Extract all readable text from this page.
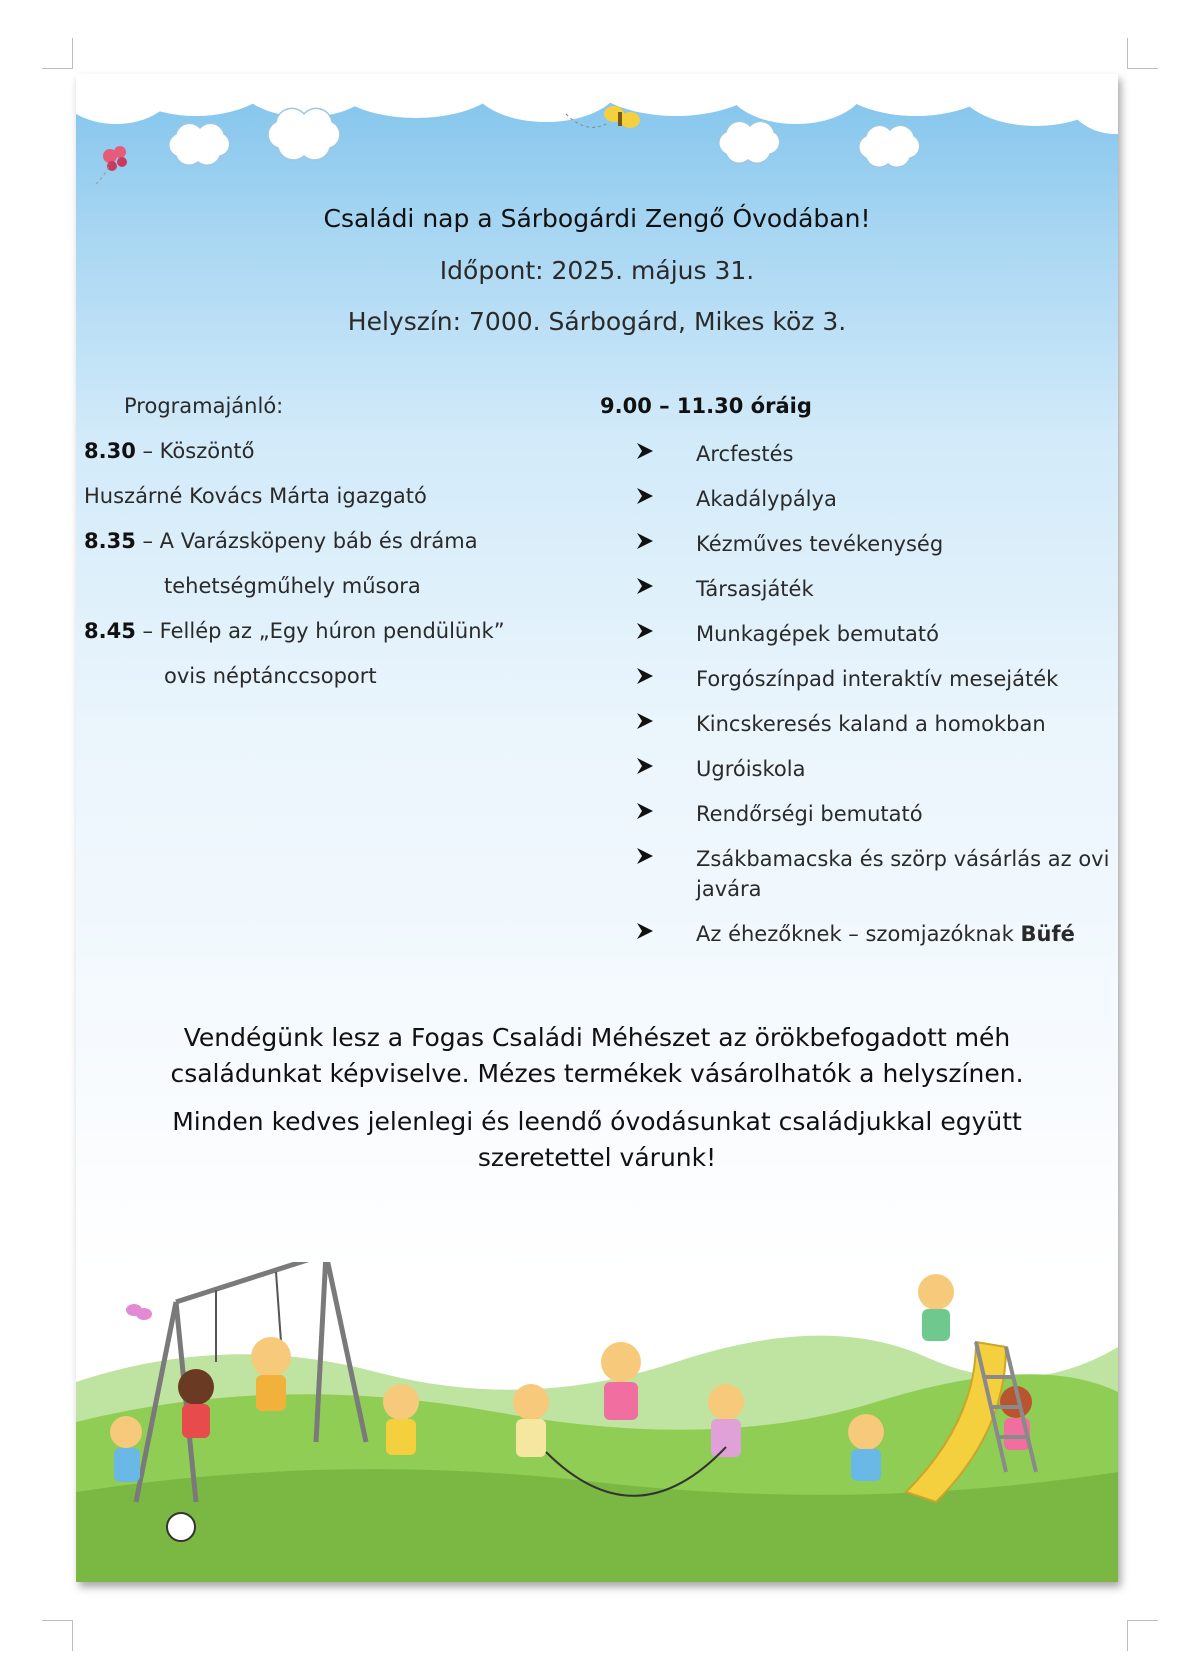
Családi nap a Sárbogárdi Zengő Óvodában!
Időpont: 2025. május 31.
Helyszín: 7000. Sárbogárd, Mikes köz 3.
Programajánló:
8.30 – Köszöntő
Huszárné Kovács Márta igazgató
8.35 – A Varázsköpeny báb és dráma
tehetségműhely műsora
8.45 – Fellép az „Egy húron pendülünk”
ovis néptánccsoport
9.00 – 11.30 óráig
Arcfestés
Akadálypálya
Kézműves tevékenység
Társasjáték
Munkagépek bemutató
Forgószínpad interaktív mesejáték
Kincskeresés kaland a homokban
Ugróiskola
Rendőrségi bemutató
Zsákbamacska és szörp vásárlás az ovi javára
Az éhezőknek – szomjazóknak Büfé
Vendégünk lesz a Fogas Családi Méhészet az örökbefogadott méh
családunkat képviselve. Mézes termékek vásárolhatók a helyszínen.
Minden kedves jelenlegi és leendő óvodásunkat családjukkal együtt
szeretettel várunk!
